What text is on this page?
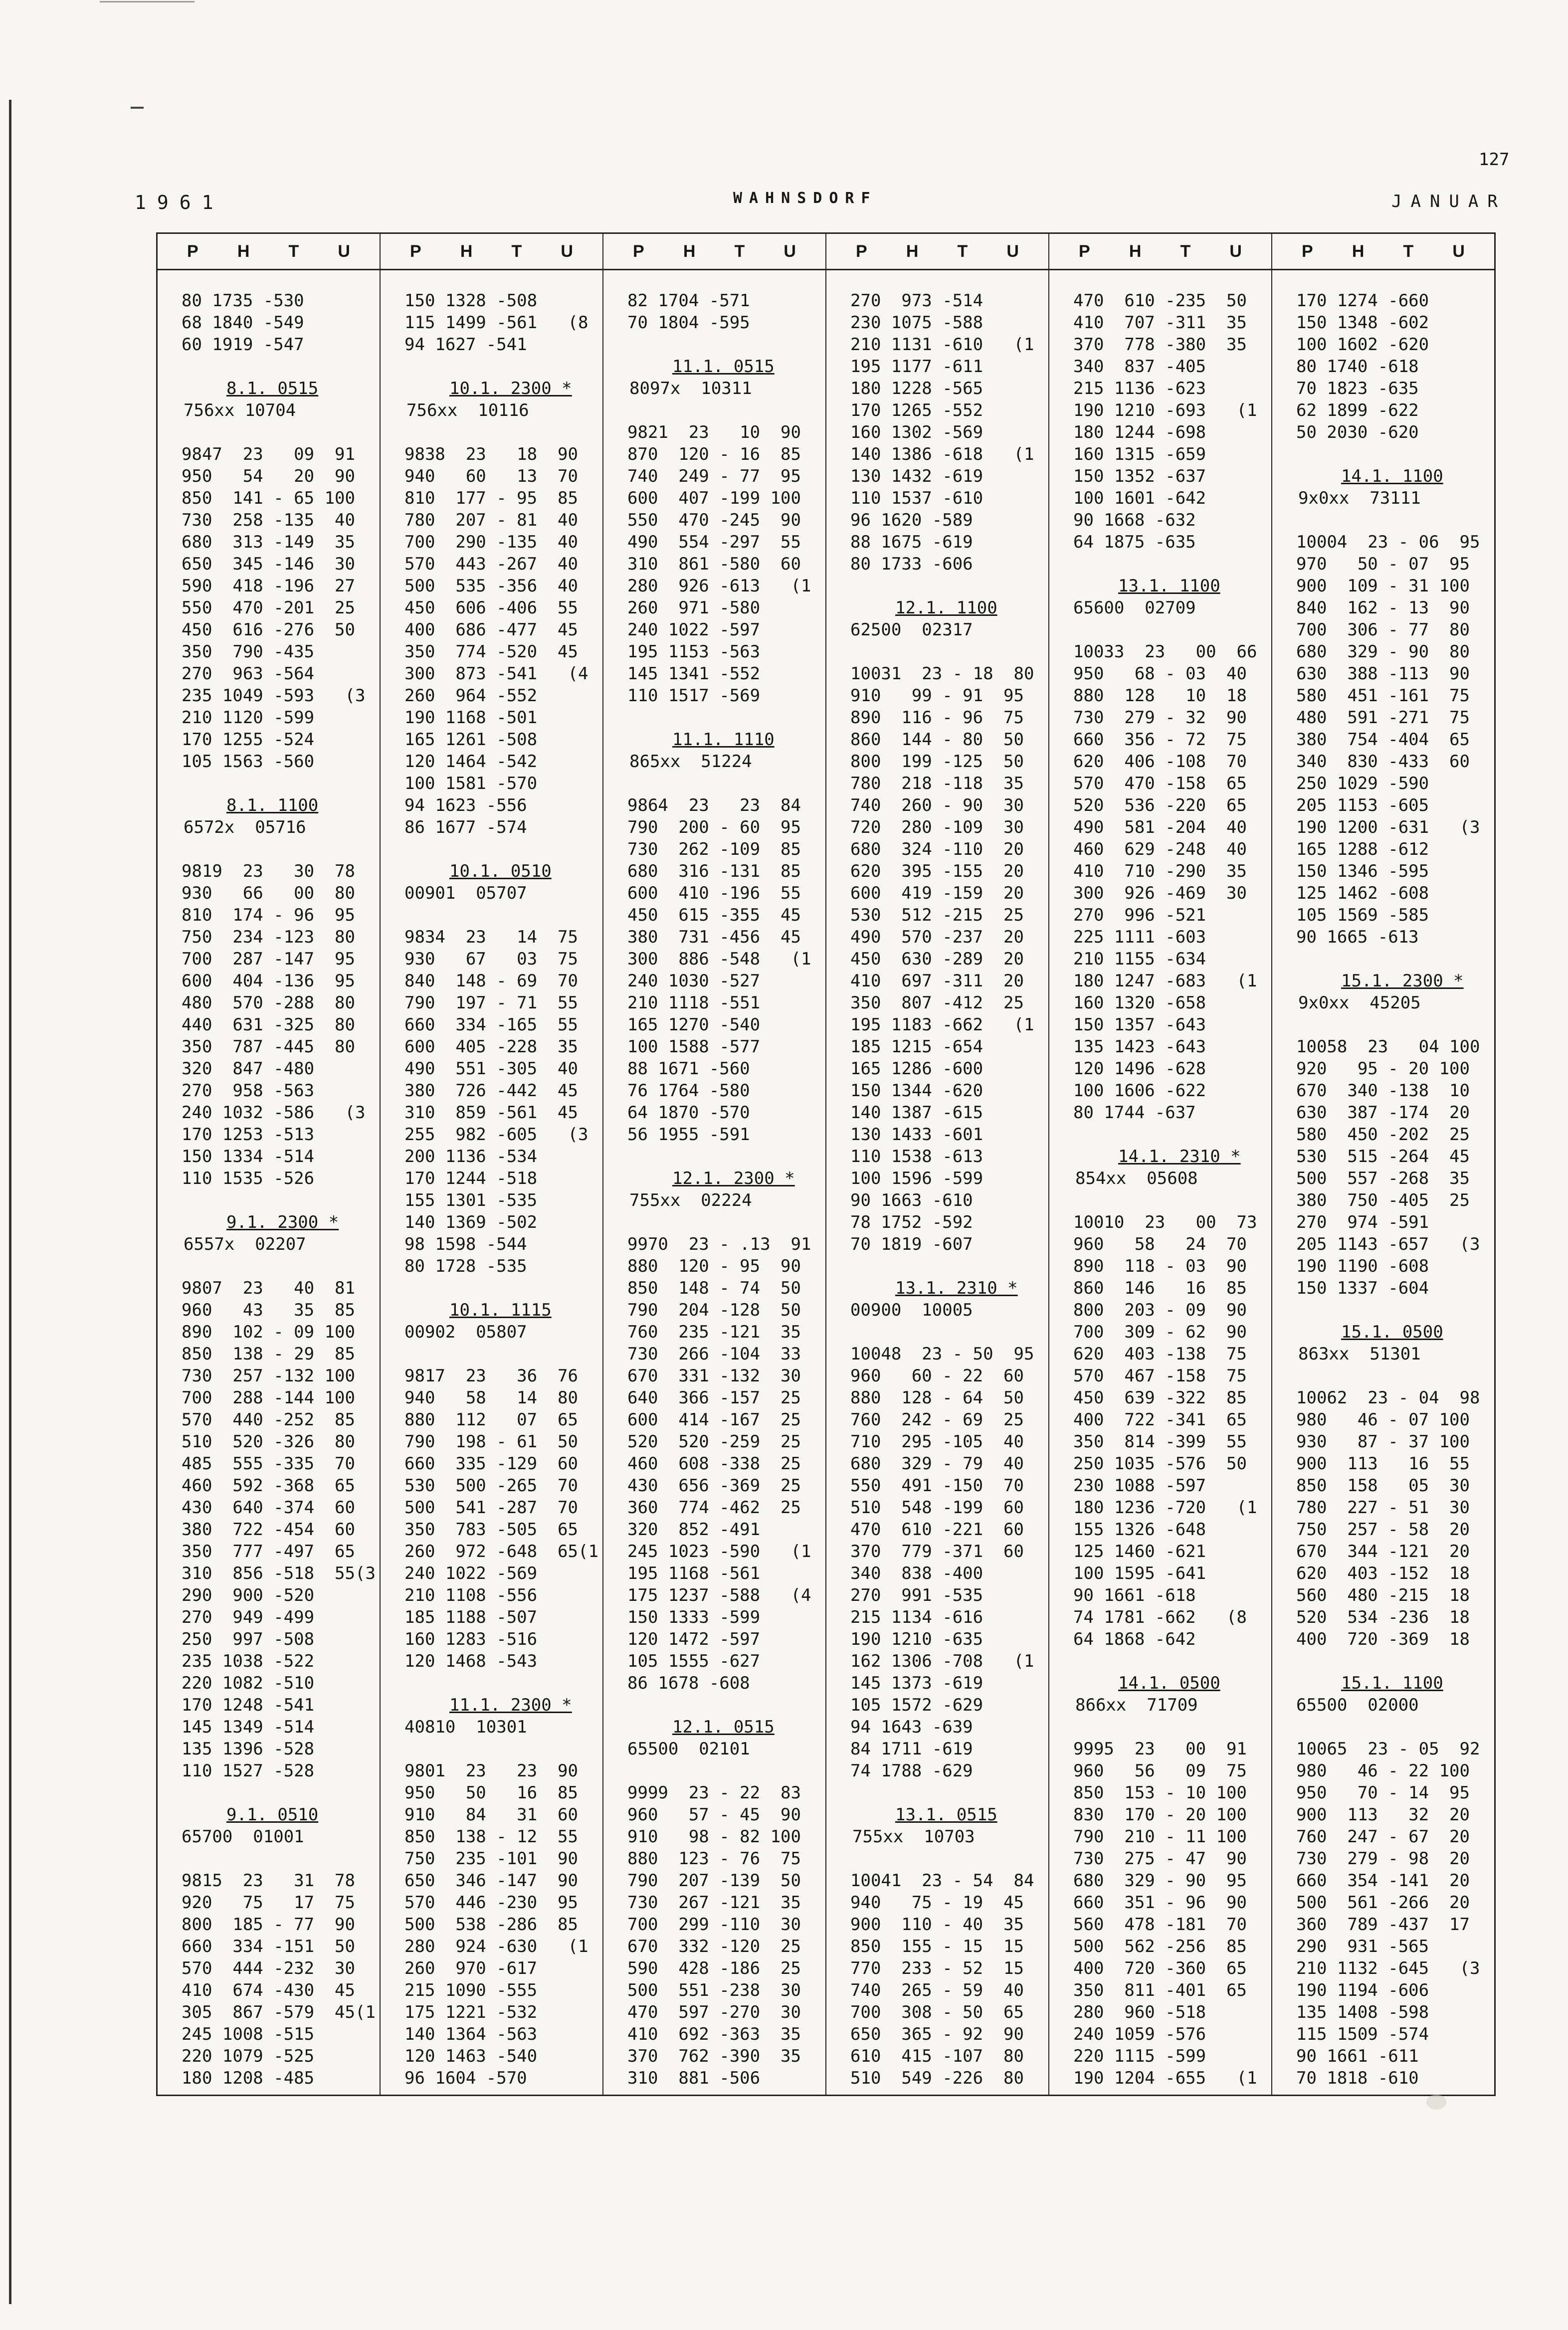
127
1961	WAHNSDORF	JANUAR
P H T U
80 1735 -530
68 1840 -549
60 1919 -547
8.1. 0515
756xx 10704
9847  23   09  91
950   54   20  90
850  141 - 65 100
730  258 -135  40
680  313 -149  35
650  345 -146  30
590  418 -196  27
550  470 -201  25
450  616 -276  50
350  790 -435
270  963 -564
235 1049 -593   (3
210 1120 -599
170 1255 -524
105 1563 -560
8.1. 1100
6572x  05716
9819  23   30  78
930   66   00  80
810  174 - 96  95
750  234 -123  80
700  287 -147  95
600  404 -136  95
480  570 -288  80
440  631 -325  80
350  787 -445  80
320  847 -480
270  958 -563
240 1032 -586   (3
170 1253 -513
150 1334 -514
110 1535 -526
9.1. 2300 *
6557x  02207
9807  23   40  81
960   43   35  85
890  102 - 09 100
850  138 - 29  85
730  257 -132 100
700  288 -144 100
570  440 -252  85
510  520 -326  80
485  555 -335  70
460  592 -368  65
430  640 -374  60
380  722 -454  60
350  777 -497  65
310  856 -518  55(3
290  900 -520
270  949 -499
250  997 -508
235 1038 -522
220 1082 -510
170 1248 -541
145 1349 -514
135 1396 -528
110 1527 -528
9.1. 0510
65700  01001
9815  23   31  78
920   75   17  75
800  185 - 77  90
660  334 -151  50
570  444 -232  30
410  674 -430  45
305  867 -579  45(1
245 1008 -515
220 1079 -525
180 1208 -485
P H T U
150 1328 -508
115 1499 -561   (8
94 1627 -541
10.1. 2300 *
756xx  10116
9838  23   18  90
940   60   13  70
810  177 - 95  85
780  207 - 81  40
700  290 -135  40
570  443 -267  40
500  535 -356  40
450  606 -406  55
400  686 -477  45
350  774 -520  45
300  873 -541   (4
260  964 -552
190 1168 -501
165 1261 -508
120 1464 -542
100 1581 -570
94 1623 -556
86 1677 -574
10.1. 0510
00901  05707
9834  23   14  75
930   67   03  75
840  148 - 69  70
790  197 - 71  55
660  334 -165  55
600  405 -228  35
490  551 -305  40
380  726 -442  45
310  859 -561  45
255  982 -605   (3
200 1136 -534
170 1244 -518
155 1301 -535
140 1369 -502
98 1598 -544
80 1728 -535
10.1. 1115
00902  05807
9817  23   36  76
940   58   14  80
880  112   07  65
790  198 - 61  50
660  335 -129  60
530  500 -265  70
500  541 -287  70
350  783 -505  65
260  972 -648  65(1
240 1022 -569
210 1108 -556
185 1188 -507
160 1283 -516
120 1468 -543
11.1. 2300 *
40810  10301
9801  23   23  90
950   50   16  85
910   84   31  60
850  138 - 12  55
750  235 -101  90
650  346 -147  90
570  446 -230  95
500  538 -286  85
280  924 -630   (1
260  970 -617
215 1090 -555
175 1221 -532
140 1364 -563
120 1463 -540
96 1604 -570
P H T U
82 1704 -571
70 1804 -595
11.1. 0515
8097x  10311
9821  23   10  90
870  120 - 16  85
740  249 - 77  95
600  407 -199 100
550  470 -245  90
490  554 -297  55
310  861 -580  60
280  926 -613   (1
260  971 -580
240 1022 -597
195 1153 -563
145 1341 -552
110 1517 -569
11.1. 1110
865xx  51224
9864  23   23  84
790  200 - 60  95
730  262 -109  85
680  316 -131  85
600  410 -196  55
450  615 -355  45
380  731 -456  45
300  886 -548   (1
240 1030 -527
210 1118 -551
165 1270 -540
100 1588 -577
88 1671 -560
76 1764 -580
64 1870 -570
56 1955 -591
12.1. 2300 *
755xx  02224
9970  23 - .13  91
880  120 - 95  90
850  148 - 74  50
790  204 -128  50
760  235 -121  35
730  266 -104  33
670  331 -132  30
640  366 -157  25
600  414 -167  25
520  520 -259  25
460  608 -338  25
430  656 -369  25
360  774 -462  25
320  852 -491
245 1023 -590   (1
195 1168 -561
175 1237 -588   (4
150 1333 -599
120 1472 -597
105 1555 -627
86 1678 -608
12.1. 0515
65500  02101
9999  23 - 22  83
960   57 - 45  90
910   98 - 82 100
880  123 - 76  75
790  207 -139  50
730  267 -121  35
700  299 -110  30
670  332 -120  25
590  428 -186  25
500  551 -238  30
470  597 -270  30
410  692 -363  35
370  762 -390  35
310  881 -506
P H T U
270  973 -514
230 1075 -588
210 1131 -610   (1
195 1177 -611
180 1228 -565
170 1265 -552
160 1302 -569
140 1386 -618   (1
130 1432 -619
110 1537 -610
96 1620 -589
88 1675 -619
80 1733 -606
12.1. 1100
62500  02317
10031  23 - 18  80
910   99 - 91  95
890  116 - 96  75
860  144 - 80  50
800  199 -125  50
780  218 -118  35
740  260 - 90  30
720  280 -109  30
680  324 -110  20
620  395 -155  20
600  419 -159  20
530  512 -215  25
490  570 -237  20
450  630 -289  20
410  697 -311  20
350  807 -412  25
195 1183 -662   (1
185 1215 -654
165 1286 -600
150 1344 -620
140 1387 -615
130 1433 -601
110 1538 -613
100 1596 -599
90 1663 -610
78 1752 -592
70 1819 -607
13.1. 2310 *
00900  10005
10048  23 - 50  95
960   60 - 22  60
880  128 - 64  50
760  242 - 69  25
710  295 -105  40
680  329 - 79  40
550  491 -150  70
510  548 -199  60
470  610 -221  60
370  779 -371  60
340  838 -400
270  991 -535
215 1134 -616
190 1210 -635
162 1306 -708   (1
145 1373 -619
105 1572 -629
94 1643 -639
84 1711 -619
74 1788 -629
13.1. 0515
755xx  10703
10041  23 - 54  84
940   75 - 19  45
900  110 - 40  35
850  155 - 15  15
770  233 - 52  15
740  265 - 59  40
700  308 - 50  65
650  365 - 92  90
610  415 -107  80
510  549 -226  80
P H T U
470  610 -235  50
410  707 -311  35
370  778 -380  35
340  837 -405
215 1136 -623
190 1210 -693   (1
180 1244 -698
160 1315 -659
150 1352 -637
100 1601 -642
90 1668 -632
64 1875 -635
13.1. 1100
65600  02709
10033  23   00  66
950   68 - 03  40
880  128   10  18
730  279 - 32  90
660  356 - 72  75
620  406 -108  70
570  470 -158  65
520  536 -220  65
490  581 -204  40
460  629 -248  40
410  710 -290  35
300  926 -469  30
270  996 -521
225 1111 -603
210 1155 -634
180 1247 -683   (1
160 1320 -658
150 1357 -643
135 1423 -643
120 1496 -628
100 1606 -622
80 1744 -637
14.1. 2310 *
854xx  05608
10010  23   00  73
960   58   24  70
890  118 - 03  90
860  146   16  85
800  203 - 09  90
700  309 - 62  90
620  403 -138  75
570  467 -158  75
450  639 -322  85
400  722 -341  65
350  814 -399  55
250 1035 -576  50
230 1088 -597
180 1236 -720   (1
155 1326 -648
125 1460 -621
100 1595 -641
90 1661 -618
74 1781 -662   (8
64 1868 -642
14.1. 0500
866xx  71709
9995  23   00  91
960   56   09  75
850  153 - 10 100
830  170 - 20 100
790  210 - 11 100
730  275 - 47  90
680  329 - 90  95
660  351 - 96  90
560  478 -181  70
500  562 -256  85
400  720 -360  65
350  811 -401  65
280  960 -518
240 1059 -576
220 1115 -599
190 1204 -655   (1
P H T U
170 1274 -660
150 1348 -602
100 1602 -620
80 1740 -618
70 1823 -635
62 1899 -622
50 2030 -620
14.1. 1100
9x0xx  73111
10004  23 - 06  95
970   50 - 07  95
900  109 - 31 100
840  162 - 13  90
700  306 - 77  80
680  329 - 90  80
630  388 -113  90
580  451 -161  75
480  591 -271  75
380  754 -404  65
340  830 -433  60
250 1029 -590
205 1153 -605
190 1200 -631   (3
165 1288 -612
150 1346 -595
125 1462 -608
105 1569 -585
90 1665 -613
15.1. 2300 *
9x0xx  45205
10058  23   04 100
920   95 - 20 100
670  340 -138  10
630  387 -174  20
580  450 -202  25
530  515 -264  45
500  557 -268  35
380  750 -405  25
270  974 -591
205 1143 -657   (3
190 1190 -608
150 1337 -604
15.1. 0500
863xx  51301
10062  23 - 04  98
980   46 - 07 100
930   87 - 37 100
900  113   16  55
850  158   05  30
780  227 - 51  30
750  257 - 58  20
670  344 -121  20
620  403 -152  18
560  480 -215  18
520  534 -236  18
400  720 -369  18
15.1. 1100
65500  02000
10065  23 - 05  92
980   46 - 22 100
950   70 - 14  95
900  113   32  20
760  247 - 67  20
730  279 - 98  20
660  354 -141  20
500  561 -266  20
360  789 -437  17
290  931 -565
210 1132 -645   (3
190 1194 -606
135 1408 -598
115 1509 -574
90 1661 -611
70 1818 -610
